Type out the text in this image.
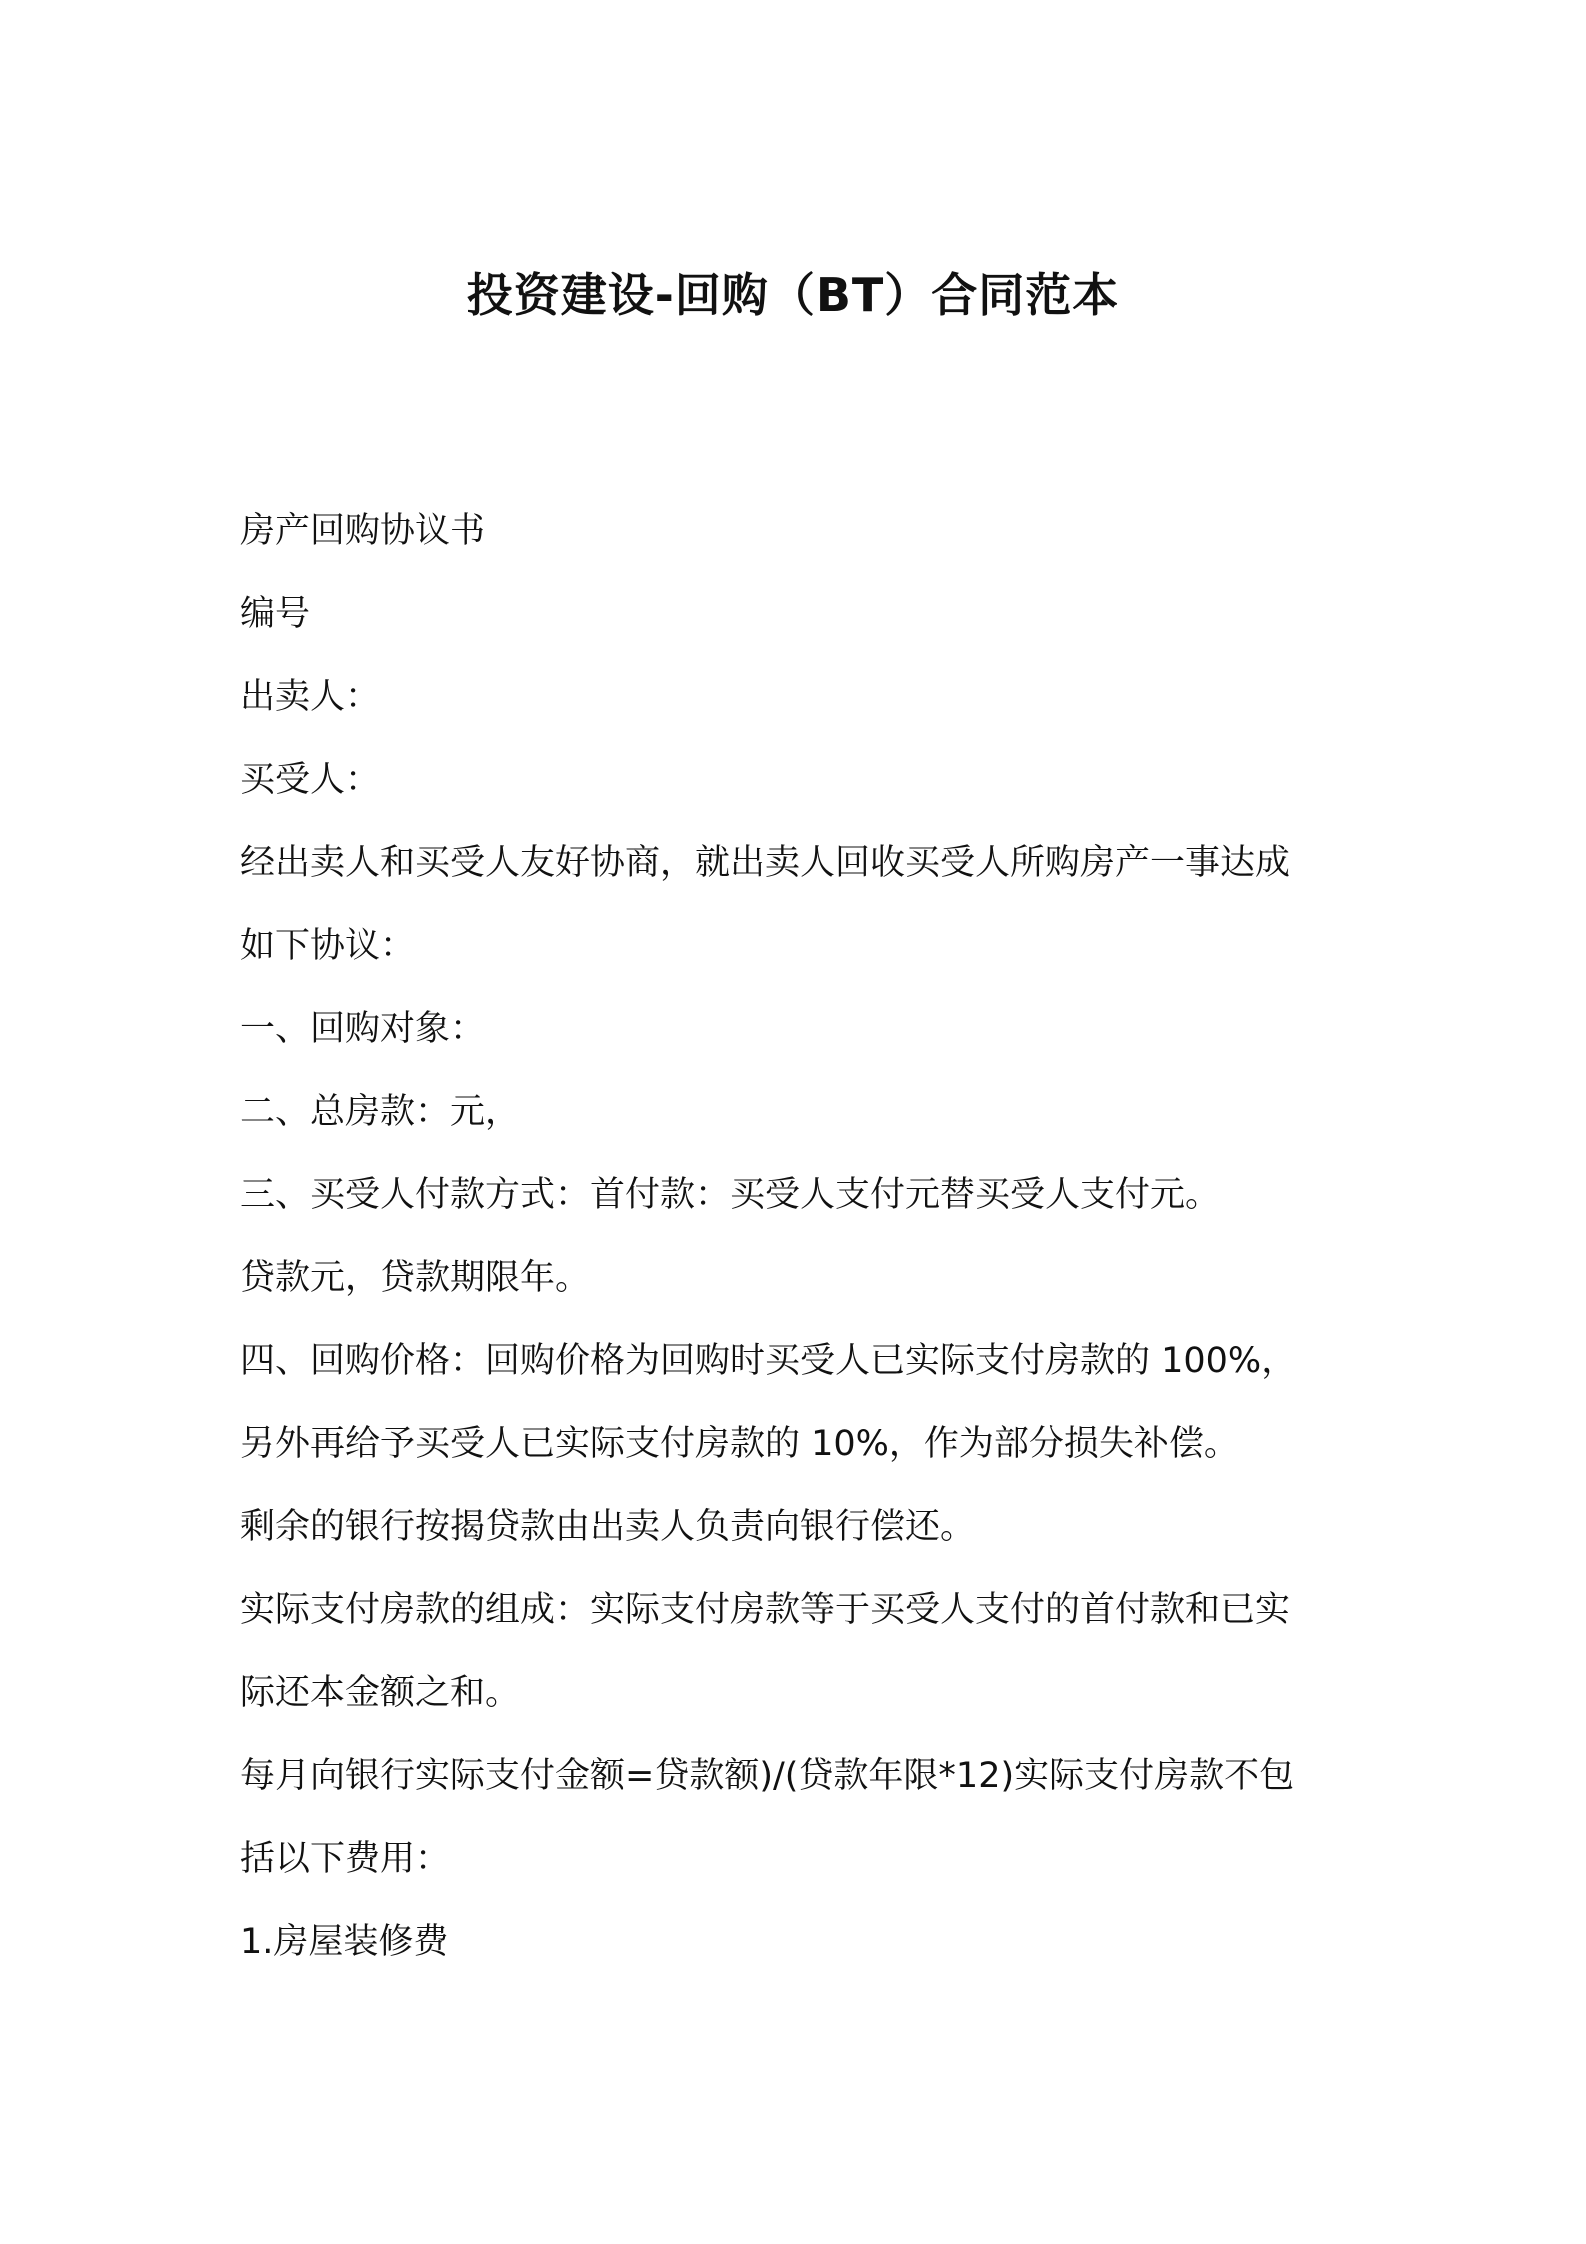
投资建设-回购（BT）合同范本

房产回购协议书

编号

出卖人：

买受人：

经出卖人和买受人友好协商，就出卖人回收买受人所购房产一事达成

如下协议：

一、回购对象：

二、总房款：元，

三、买受人付款方式：首付款：买受人支付元替买受人支付元。

贷款元，贷款期限年。

四、回购价格：回购价格为回购时买受人已实际支付房款的 100%，

另外再给予买受人已实际支付房款的 10%，作为部分损失补偿。

剩余的银行按揭贷款由出卖人负责向银行偿还。

实际支付房款的组成：实际支付房款等于买受人支付的首付款和已实

际还本金额之和。

每月向银行实际支付金额=贷款额)/(贷款年限*12)实际支付房款不包

括以下费用：

1.房屋装修费
